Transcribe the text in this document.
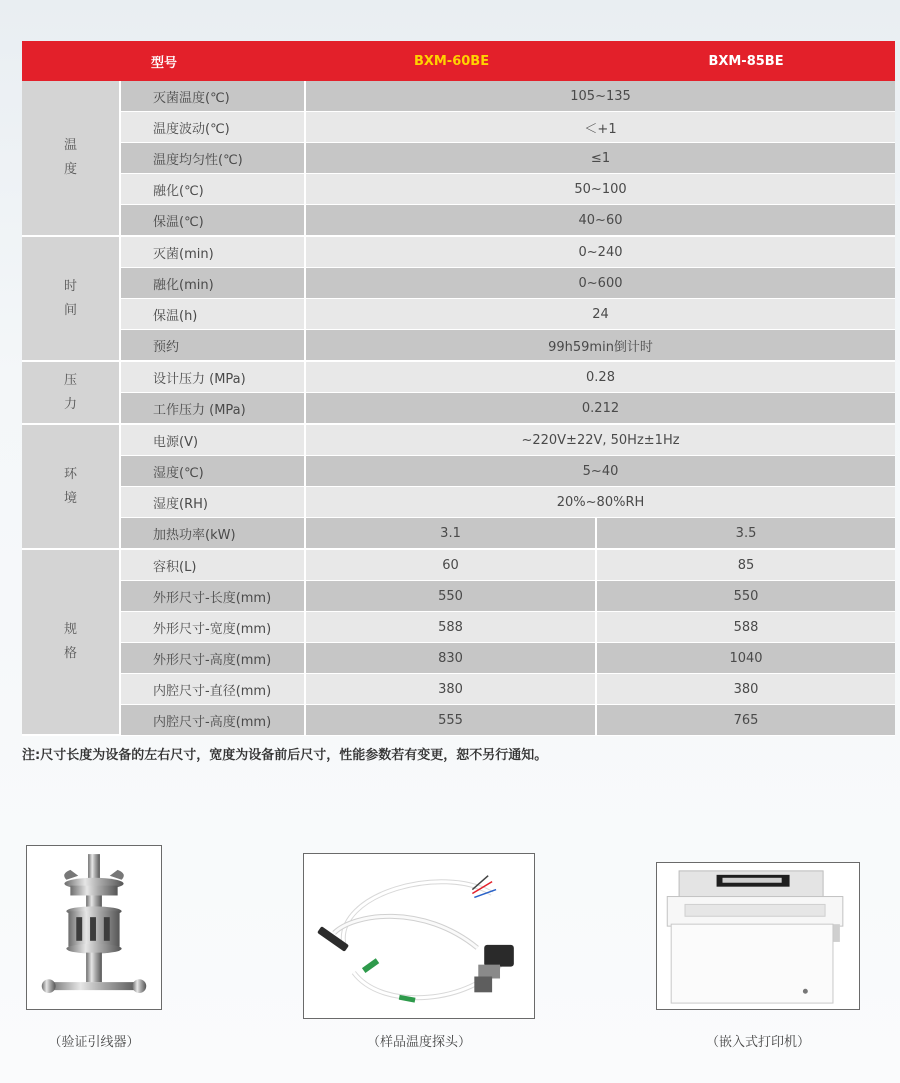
型号		BXM-60BE	BXM-85BE
温度	灭菌温度(℃)	105~135	
	温度波动(℃)	＜+1	
	温度均匀性(℃)	≤1	
	融化(℃)	50~100	
	保温(℃)	40~60	
时间	灭菌(min)	0~240	
	融化(min)	0~600	
	保温(h)	24	
	预约	99h59min倒计时	
压力	设计压力 (MPa)	0.28	
	工作压力 (MPa)	0.212	
环境	电源(V)	~220V±22V, 50Hz±1Hz	
	湿度(℃)	5~40	
	湿度(RH)	20%~80%RH	
	加热功率(kW)	3.1	3.5
规格	容积(L)	60	85
	外形尺寸-长度(mm)	550	550
	外形尺寸-宽度(mm)	588	588
	外形尺寸-高度(mm)	830	1040
	内腔尺寸-直径(mm)	380	380
	内腔尺寸-高度(mm)	555	765
注:尺寸长度为设备的左右尺寸，宽度为设备前后尺寸，性能参数若有变更，恕不另行通知。
（验证引线器）	（样品温度探头）	（嵌入式打印机）
